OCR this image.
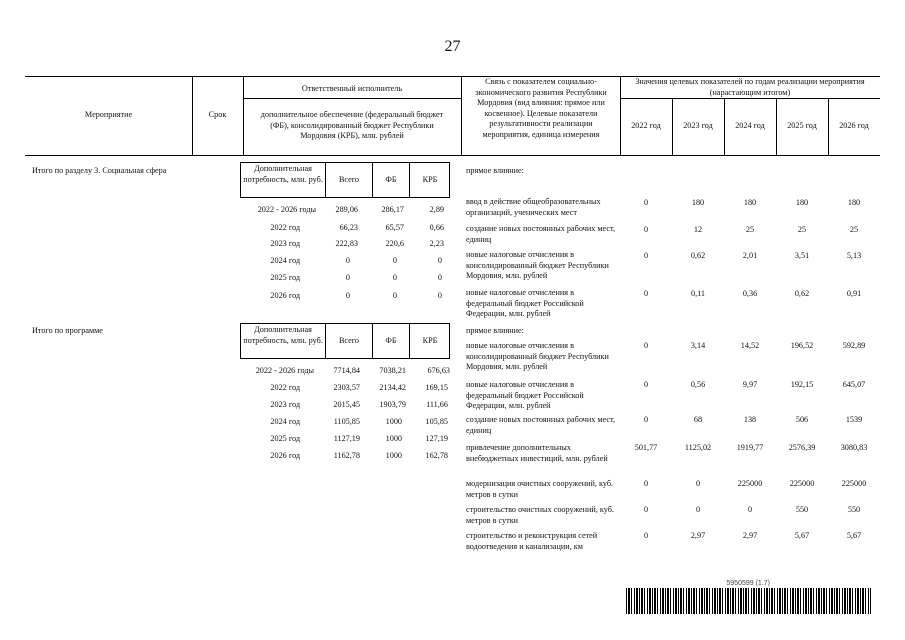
27
Мероприятие	Срок
Ответственный исполнитель
дополнительное обеспечение (федеральный бюджет (ФБ), консолидированный бюджет Республики Мордовия (КРБ), млн. рублей
Связь с показателем социально-экономического развития Республики Мордовия (вид влияния: прямое или косвенное). Целевые показатели результативности реализации мероприятия, единица измерения
Значения целевых показателей по годам реализации мероприятия (нарастающим итогом)
2022 год	2023 год	2024 год	2025 год	2026 год
Итого по разделу 3. Социальная сфера	Дополнительная потребность, млн. руб.	Всего	ФБ	КРБ
2022 - 2026 годы	289,06	286,17	2,89
2022 год	66,23	65,57	0,66
2023 год	222,83	220,6	2,23
2024 год	0	0	0
2025 год	0	0	0
2026 год	0	0	0
прямое влияние:
ввод в действие общеобразовательных организаций, ученических мест
0	180	180	180	180
создание новых постоянных рабочих мест, единиц
0	12	25	25	25
новые налоговые отчисления в консолидированный бюджет Республики Мордовия, млн. рублей
0	0,62	2,01	3,51	5,13
новые налоговые отчисления в федеральный бюджет Российской Федерации, млн. рублей
0	0,11	0,36	0,62	0,91
Итого по программе	Дополнительная потребность, млн. руб.	Всего	ФБ	КРБ
2022 - 2026 годы	7714,84	7038,21	676,63
2022 год	2303,57	2134,42	169,15
2023 год	2015,45	1903,79	111,66
2024 год	1105,85	1000	105,85
2025 год	1127,19	1000	127,19
2026 год	1162,78	1000	162,78
прямое влияние:
новые налоговые отчисления в консолидированный бюджет Республики Мордовия, млн. рублей
0	3,14	14,52	196,52	592,89
новые налоговые отчисления в федеральный бюджет Российской Федерации, млн. рублей
0	0,56	9,97	192,15	645,07
создание новых постоянных рабочих мест, единиц
0	68	138	506	1539
привлечение дополнительных внебюджетных инвестиций, млн. рублей
501,77	1125,02	1919,77	2576,39	3080,83
модернизация очистных сооружений, куб. метров в сутки
0	0	225000	225000	225000
строительство очистных сооружений, куб. метров в сутки
0	0	0	550	550
строительство и реконструкция сетей водоотведения и канализации, км
0	2,97	2,97	5,67	5,67
5950599 (1.7)
